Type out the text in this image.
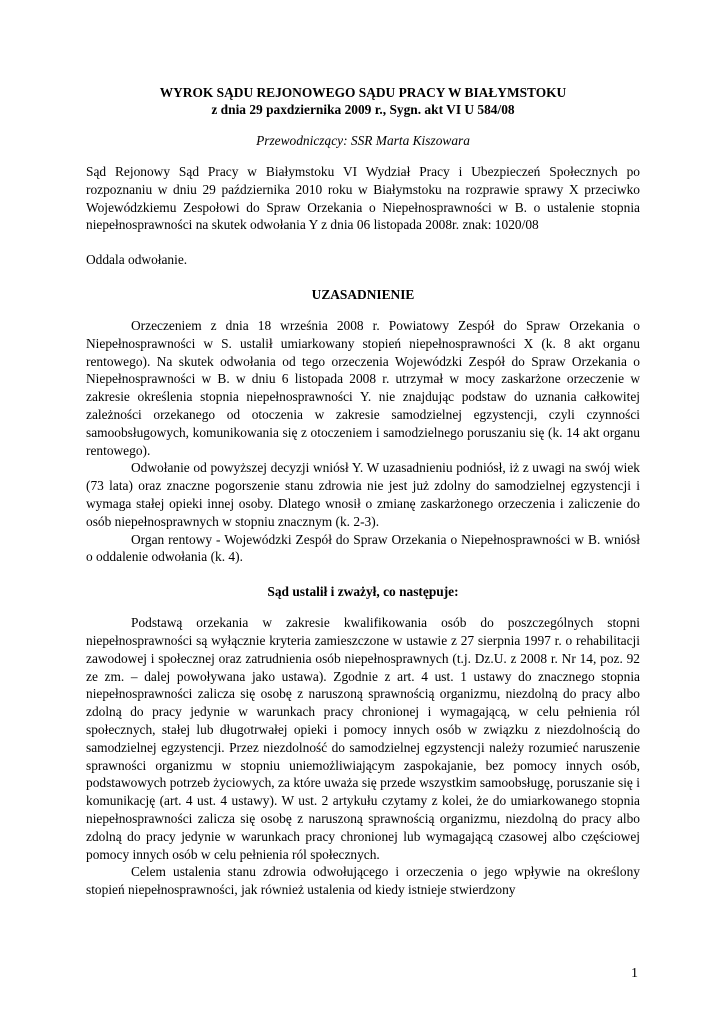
WYROK SĄDU REJONOWEGO SĄDU PRACY W BIAŁYMSTOKU
z dnia 29 paxdziernika 2009 r., Sygn. akt VI U 584/08
Przewodniczący: SSR Marta Kiszowara

Sąd Rejonowy Sąd Pracy w Białymstoku VI Wydział Pracy i Ubezpieczeń Społecznych po rozpoznaniu w dniu 29 października 2010 roku w Białymstoku na rozprawie sprawy X przeciwko Wojewódzkiemu Zespołowi do Spraw Orzekania o Niepełnosprawności w B. o ustalenie stopnia niepełnosprawności na skutek odwołania Y z dnia 06 listopada 2008r. znak: 1020/08

Oddala odwołanie.

UZASADNIENIE

Orzeczeniem z dnia 18 września 2008 r. Powiatowy Zespół do Spraw Orzekania o Niepełnosprawności w S. ustalił umiarkowany stopień niepełnosprawności X (k. 8 akt organu rentowego). Na skutek odwołania od tego orzeczenia Wojewódzki Zespół do Spraw Orzekania o Niepełnosprawności w B. w dniu 6 listopada 2008 r. utrzymał w mocy zaskarżone orzeczenie w zakresie określenia stopnia niepełnosprawności Y. nie znajdując podstaw do uznania całkowitej zależności orzekanego od otoczenia w zakresie samodzielnej egzystencji, czyli czynności samoobsługowych, komunikowania się z otoczeniem i samodzielnego poruszaniu się (k. 14 akt organu rentowego).

Odwołanie od powyższej decyzji wniósł Y. W uzasadnieniu podniósł, iż z uwagi na swój wiek (73 lata) oraz znaczne pogorszenie stanu zdrowia nie jest już zdolny do samodzielnej egzystencji i wymaga stałej opieki innej osoby. Dlatego wnosił o zmianę zaskarżonego orzeczenia i zaliczenie do osób niepełnosprawnych w stopniu znacznym (k. 2-3).

Organ rentowy - Wojewódzki Zespół do Spraw Orzekania o Niepełnosprawności w B. wniósł o oddalenie odwołania (k. 4).

Sąd ustalił i zważył, co następuje:

Podstawą orzekania w zakresie kwalifikowania osób do poszczególnych stopni niepełnosprawności są wyłącznie kryteria zamieszczone w ustawie z 27 sierpnia 1997 r. o rehabilitacji zawodowej i społecznej oraz zatrudnienia osób niepełnosprawnych (t.j. Dz.U. z 2008 r. Nr 14, poz. 92 ze zm. – dalej powoływana jako ustawa). Zgodnie z art. 4 ust. 1 ustawy do znacznego stopnia niepełnosprawności zalicza się osobę z naruszoną sprawnością organizmu, niezdolną do pracy albo zdolną do pracy jedynie w warunkach pracy chronionej i wymagającą, w celu pełnienia ról społecznych, stałej lub długotrwałej opieki i pomocy innych osób w związku z niezdolnością do samodzielnej egzystencji. Przez niezdolność do samodzielnej egzystencji należy rozumieć naruszenie sprawności organizmu w stopniu uniemożliwiającym zaspokajanie, bez pomocy innych osób, podstawowych potrzeb życiowych, za które uważa się przede wszystkim samoobsługę, poruszanie się i komunikację (art. 4 ust. 4 ustawy). W ust. 2 artykułu czytamy z kolei, że do umiarkowanego stopnia niepełnosprawności zalicza się osobę z naruszoną sprawnością organizmu, niezdolną do pracy albo zdolną do pracy jedynie w warunkach pracy chronionej lub wymagającą czasowej albo częściowej pomocy innych osób w celu pełnienia ról społecznych.

Celem ustalenia stanu zdrowia odwołującego i orzeczenia o jego wpływie na określony stopień niepełnosprawności, jak również ustalenia od kiedy istnieje stwierdzony

1
